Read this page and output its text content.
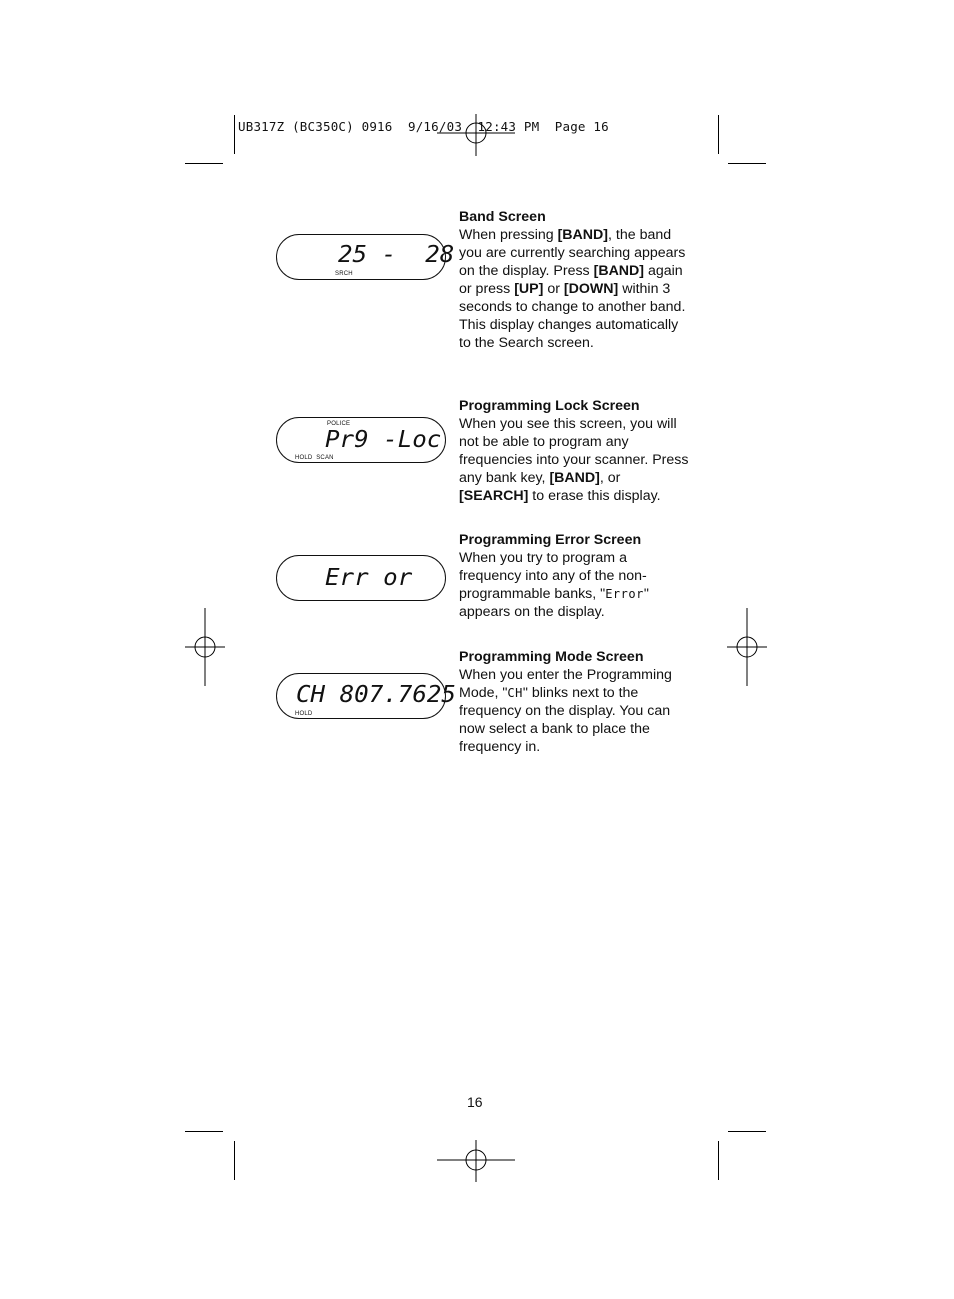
UB317Z (BC350C) 0916  9/16/03  12:43 PM  Page 16
25 -  28
SRCH
POLICE
Pr9 -Loc
HOLD  SCAN
Err or
CH 807.7625
HOLD
Band Screen

When pressing [BAND], the band you are currently searching appears on the display. Press [BAND] again or press [UP] or [DOWN] within 3 seconds to change to another band. This display changes automatically to the Search screen.

Programming Lock Screen

When you see this screen, you will not be able to program any frequencies into your scanner. Press any bank key, [BAND], or [SEARCH] to erase this display.

Programming Error Screen

When you try to program a frequency into any of the non-programmable banks, "Error" appears on the display.

Programming Mode Screen

When you enter the Programming Mode, "CH" blinks next to the frequency on the display. You can now select a bank to place the frequency in.

16
